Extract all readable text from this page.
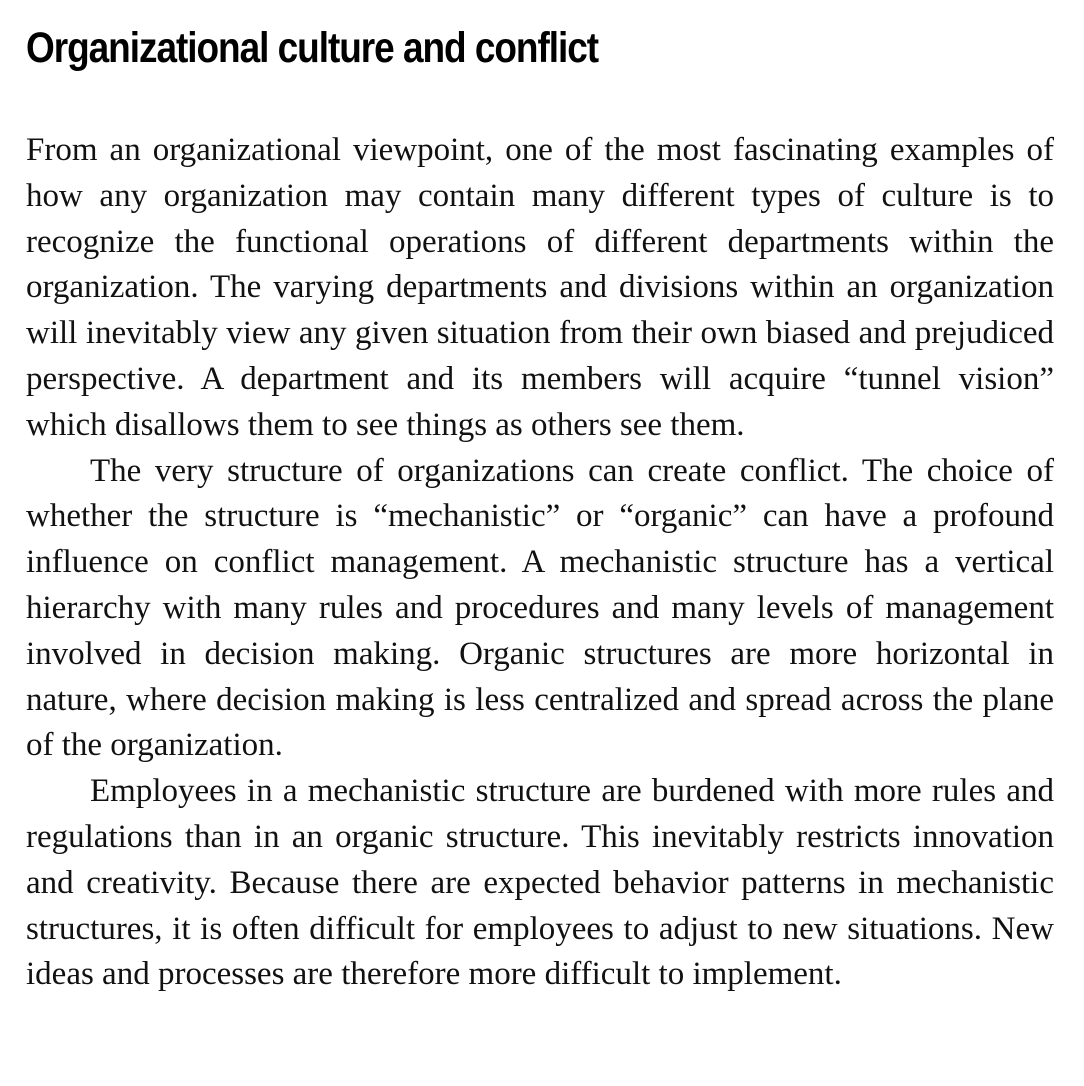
Organizational culture and conflict

From an organizational viewpoint, one of the most fascinating examples of how any organization may contain many different types of culture is to recognize the functional operations of different departments within the organization. The varying departments and divisions within an organization will inevitably view any given situation from their own biased and prejudiced perspective. A department and its members will acquire “tunnel vision” which disallows them to see things as others see them.

The very structure of organizations can create conflict. The choice of whether the structure is “mechanistic” or “organic” can have a profound influence on conflict management. A mechanistic structure has a vertical hierarchy with many rules and procedures and many levels of management involved in decision making. Organic structures are more horizontal in nature, where decision making is less centralized and spread across the plane of the organization.

Employees in a mechanistic structure are burdened with more rules and regulations than in an organic structure. This inevitably restricts innovation and creativity. Because there are expected behavior patterns in mechanistic structures, it is often difficult for employees to adjust to new situations. New ideas and processes are therefore more difficult to implement.
